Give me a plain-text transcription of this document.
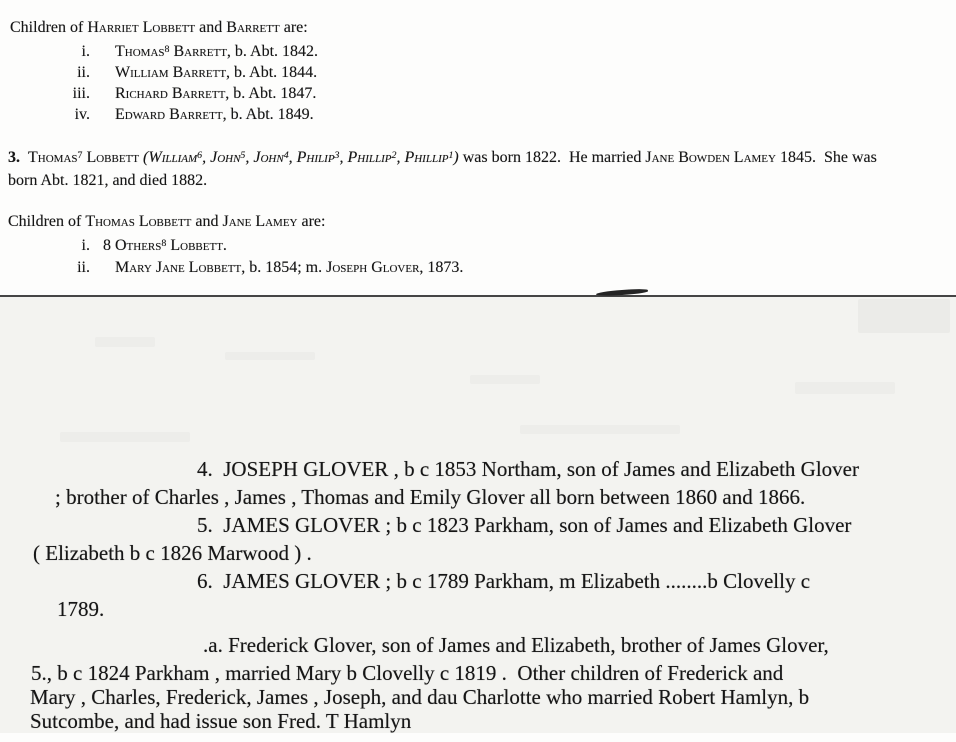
Children of Harriet Lobbett and Barrett are:
i. Thomas$^8$ Barrett, b. Abt. 1842.
ii. William Barrett, b. Abt. 1844.
iii. Richard Barrett, b. Abt. 1847.
iv. Edward Barrett, b. Abt. 1849.
3. Thomas$^7$ Lobbett (William$^6$, John$^5$, John$^4$, Philip$^3$, Phillip$^2$, Phillip$^1$) was born 1822.  He married Jane Bowden Lamey 1845.  She was born Abt. 1821, and died 1882.
Children of Thomas Lobbett and Jane Lamey are:
i. 8 Others$^8$ Lobbett.
ii. Mary Jane Lobbett, b. 1854; m. Joseph Glover, 1873.
4.  JOSEPH GLOVER , b c 1853 Northam, son of James and Elizabeth Glover
; brother of Charles , James , Thomas and Emily Glover all born between 1860 and 1866.
5.  JAMES GLOVER ; b c 1823 Parkham, son of James and Elizabeth Glover
( Elizabeth b c 1826 Marwood ) .
6.  JAMES GLOVER ; b c 1789 Parkham, m Elizabeth ........b Clovelly c
1789.
.a. Frederick Glover, son of James and Elizabeth, brother of James Glover,
5., b c 1824 Parkham , married Mary b Clovelly c 1819 .  Other children of Frederick and
Mary , Charles, Frederick, James , Joseph, and dau Charlotte who married Robert Hamlyn, b
Sutcombe, and had issue son Fred. T Hamlyn
